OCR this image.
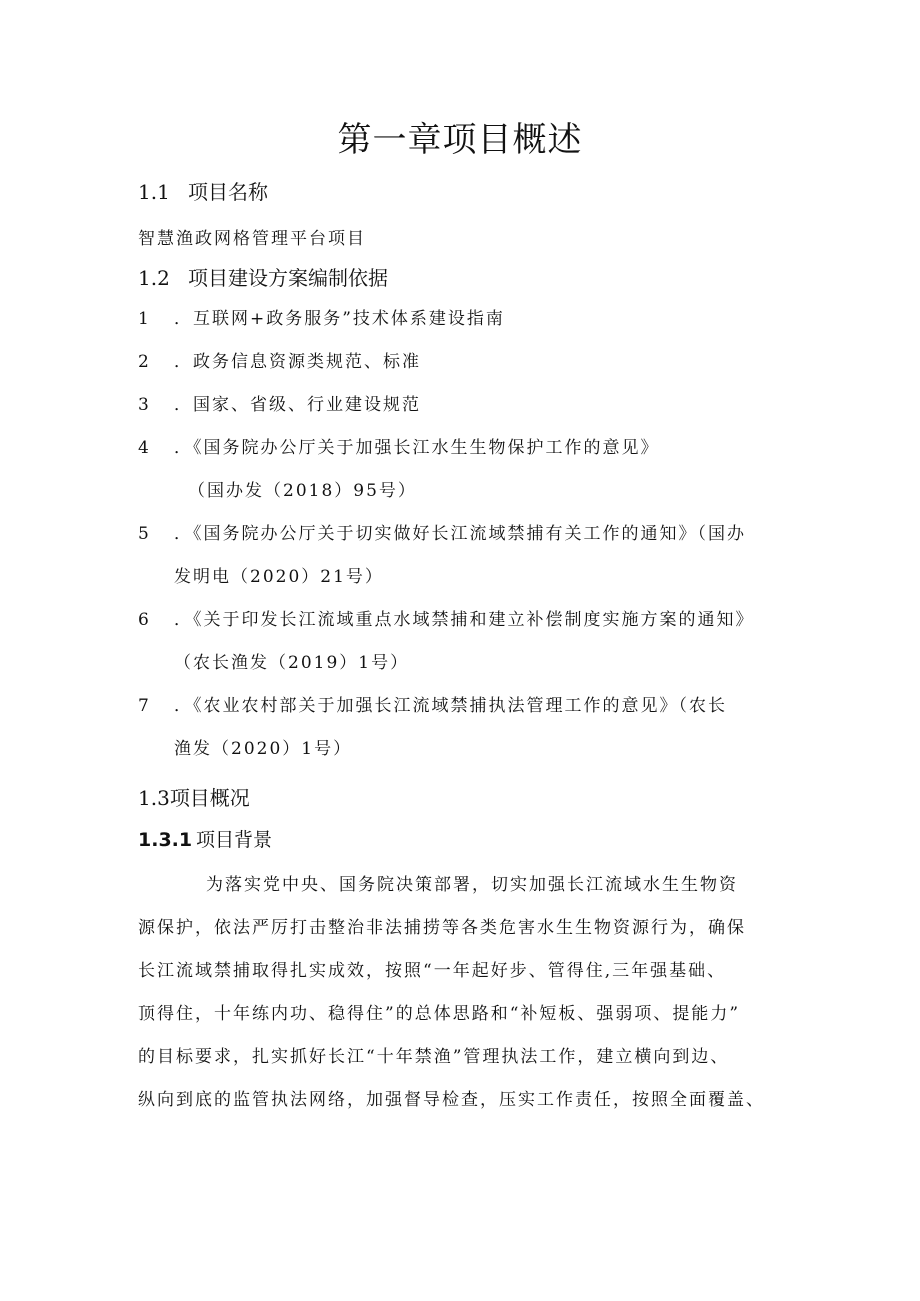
第一章项目概述
1.1 项目名称

智慧渔政网格管理平台项目

1.2 项目建设方案编制依据
1 ．互联网+政务服务”技术体系建设指南
2 ．政务信息资源类规范、标准
3 ．国家、省级、行业建设规范
4 ．《国务院办公厅关于加强长江水生生物保护工作的意见》
（国办发（2018）95号）
5 ．《国务院办公厅关于切实做好长江流域禁捕有关工作的通知》（国办
发明电（2020）21号）
6 ．《关于印发长江流域重点水域禁捕和建立补偿制度实施方案的通知》
（农长渔发（2019）1号）
7 ．《农业农村部关于加强长江流域禁捕执法管理工作的意见》（农长
渔发（2020）1号）
1.3项目概况
1.3.1 项目背景
为落实党中央、国务院决策部署，切实加强长江流域水生生物资
源保护，依法严厉打击整治非法捕捞等各类危害水生生物资源行为，确保
长江流域禁捕取得扎实成效，按照“一年起好步、管得住,三年强基础、
顶得住，十年练内功、稳得住”的总体思路和“补短板、强弱项、提能力”
的目标要求，扎实抓好长江“十年禁渔”管理执法工作，建立横向到边、
纵向到底的监管执法网络，加强督导检查，压实工作责任，按照全面覆盖、
